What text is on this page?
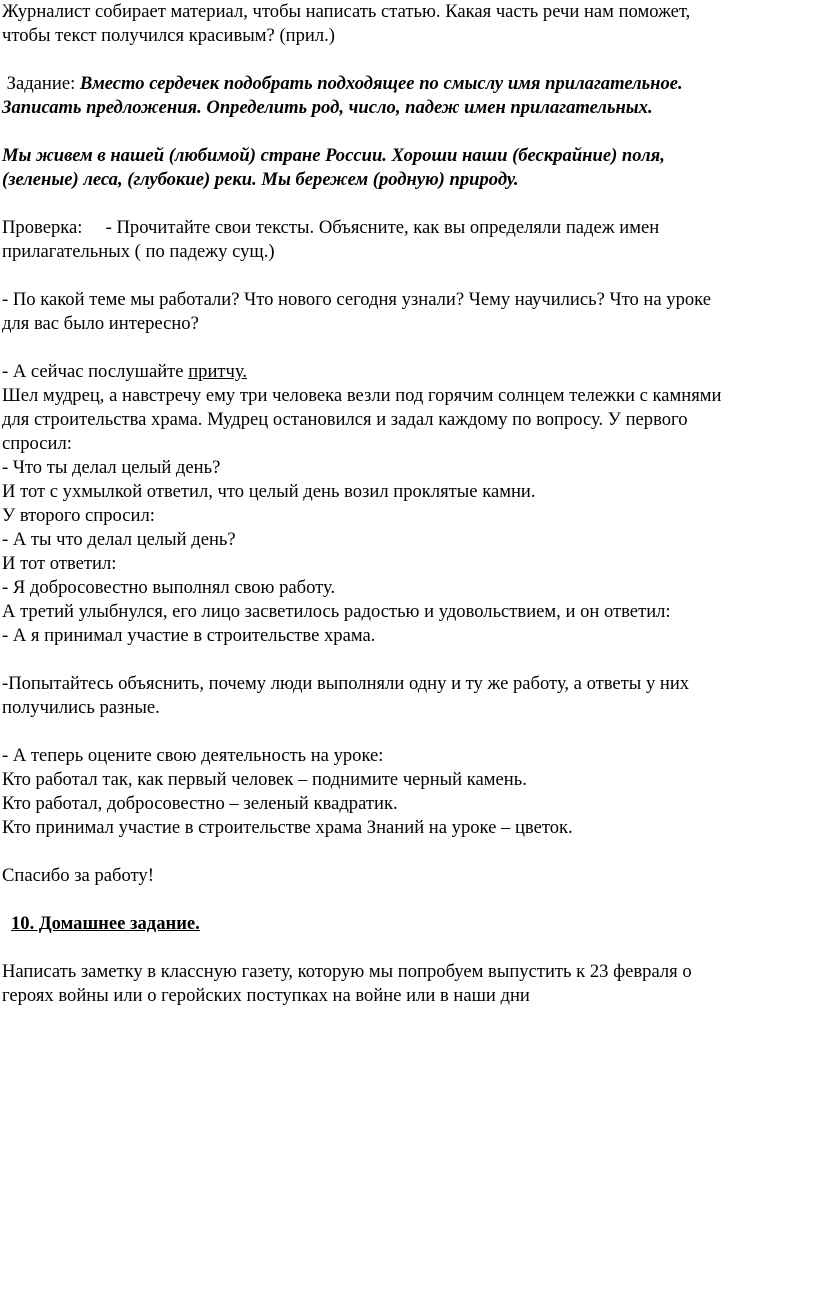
Журналист собирает материал, чтобы написать статью. Какая часть речи нам поможет,
чтобы текст получился красивым? (прил.)
Задание: Вместо сердечек подобрать подходящее по смыслу имя прилагательное.
Записать предложения. Определить род, число, падеж имен прилагательных.
Мы живем в нашей (любимой) стране России. Хороши наши (бескрайние) поля,
(зеленые) леса, (глубокие) реки. Мы бережем (родную) природу.
Проверка:     - Прочитайте свои тексты. Объясните, как вы определяли падеж имен
прилагательных ( по падежу сущ.)
- По какой теме мы работали? Что нового сегодня узнали? Чему научились? Что на уроке
для вас было интересно?
- А сейчас послушайте притчу.
Шел мудрец, а навстречу ему три человека везли под горячим солнцем тележки с камнями
для строительства храма. Мудрец остановился и задал каждому по вопросу. У первого
спросил:
- Что ты делал целый день?
И тот с ухмылкой ответил, что целый день возил проклятые камни.
У второго спросил:
- А ты что делал целый день?
И тот ответил:
- Я добросовестно выполнял свою работу.
А третий улыбнулся, его лицо засветилось радостью и удовольствием, и он ответил:
- А я принимал участие в строительстве храма.
-Попытайтесь объяснить, почему люди выполняли одну и ту же работу, а ответы у них
получились разные.
- А теперь оцените свою деятельность на уроке:
Кто работал так, как первый человек – поднимите черный камень.
Кто работал, добросовестно – зеленый квадратик.
Кто принимал участие в строительстве храма Знаний на уроке – цветок.
Спасибо за работу!
10. Домашнее задание.
Написать заметку в классную газету, которую мы попробуем выпустить к 23 февраля о
героях войны или о геройских поступках на войне или в наши дни
